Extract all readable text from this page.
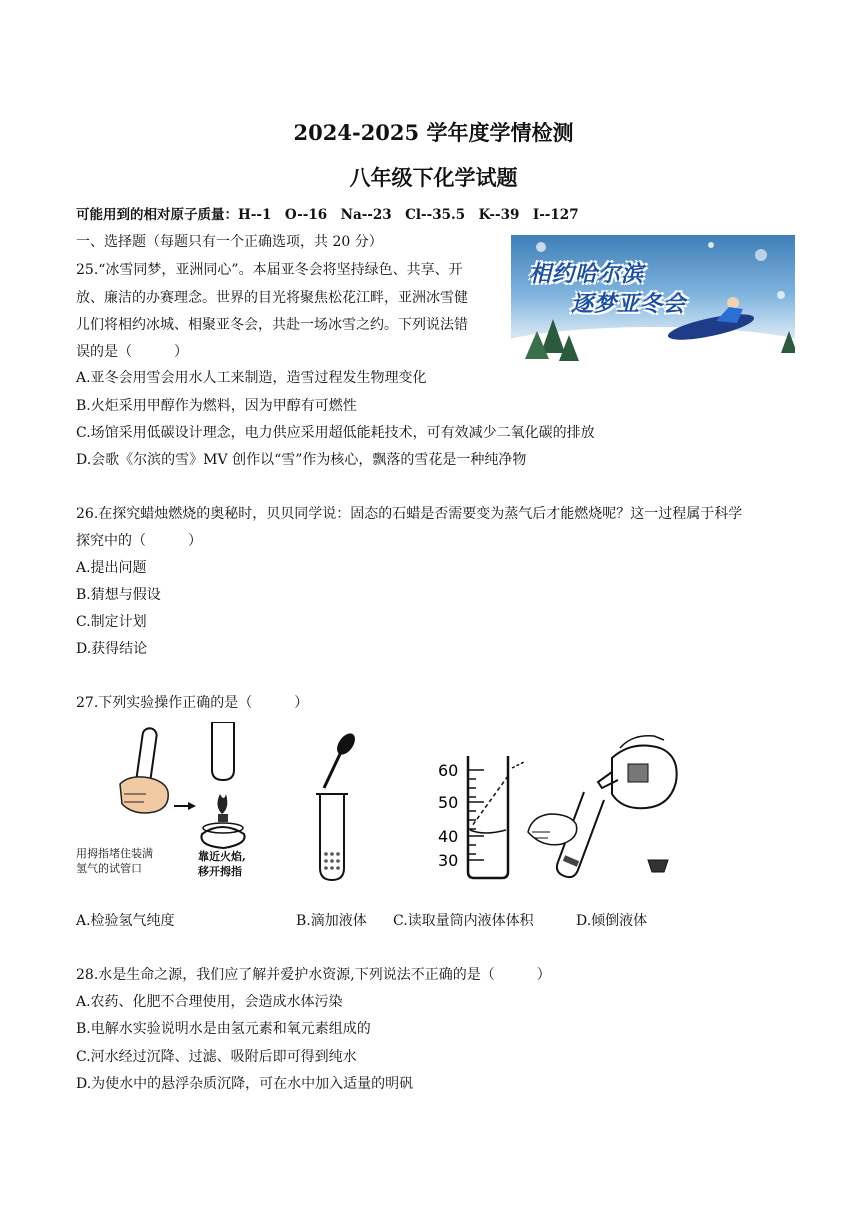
2024-2025 学年度学情检测
八年级下化学试题
可能用到的相对原子质量：H--1　O--16　Na--23　Cl--35.5　K--39　I--127
一、选择题（每题只有一个正确选项，共 20 分）
25.“冰雪同梦，亚洲同心”。本届亚冬会将坚持绿色、共享、开
放、廉洁的办赛理念。世界的目光将聚焦松花江畔，亚洲冰雪健
儿们将相约冰城、相聚亚冬会，共赴一场冰雪之约。下列说法错
误的是（　　　）
A.亚冬会用雪会用水人工来制造，造雪过程发生物理变化
B.火炬采用甲醇作为燃料，因为甲醇有可燃性
C.场馆采用低碳设计理念，电力供应采用超低能耗技术，可有效减少二氧化碳的排放
D.会歌《尔滨的雪》MV 创作以“雪”作为核心，飘落的雪花是一种纯净物
相约哈尔滨
逐梦亚冬会
26.在探究蜡烛燃烧的奥秘时，贝贝同学说：固态的石蜡是否需要变为蒸气后才能燃烧呢？这一过程属于科学
探究中的（　　　）
A.提出问题
B.猜想与假设
C.制定计划
D.获得结论
27.下列实验操作正确的是（　　　）
用拇指堵住装满
氢气的试管口
靠近火焰,
移开拇指
60
50
40
30
A.检验氢气纯度	B.滴加液体 C.读取量筒内液体体积	D.倾倒液体
28.水是生命之源，我们应了解并爱护水资源,下列说法不正确的是（　　　）
A.农药、化肥不合理使用，会造成水体污染
B.电解水实验说明水是由氢元素和氧元素组成的
C.河水经过沉降、过滤、吸附后即可得到纯水
D.为使水中的悬浮杂质沉降，可在水中加入适量的明矾
